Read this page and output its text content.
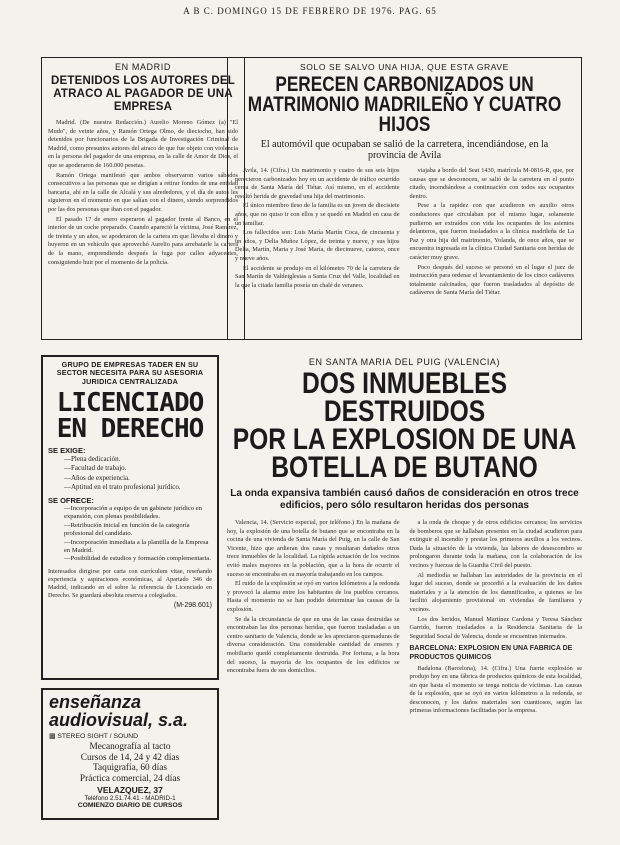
A B C. DOMINGO 15 DE FEBRERO DE 1976. PAG. 65
EN MADRID
DETENIDOS LOS AUTORES DEL ATRACO AL PAGADOR DE UNA EMPRESA

Madrid. (De nuestra Redacción.) Aurelio Moreno Gómez (a) "El Mudo", de veinte años, y Ramón Ortega Olmo, de dieciocho, han sido detenidos por funcionarios de la Brigada de Investigación Criminal de Madrid, como presuntos autores del atraco de que fue objeto con violencia en la persona del pagador de una empresa, en la calle de Amor de Dios, el que se apoderaron de 160.000 pesetas.

Ramón Ortega manifestó que ambos observaron varios sábados consecutivos a las personas que se dirigían a retirar fondos de una entidad bancaria, ahí en la calle de Alcalá y sus alrededores, y el día de autos les siguieron en el momento en que salían con el dinero, siendo sorprendidos por las dos personas que iban con el pagador.

El pasado 17 de enero esperaron al pagador frente al Banco, en el interior de un coche preparado. Cuando apareció la víctima, José Ramírez, de treinta y un años, se apoderaron de la cartera en que llevaba el dinero y huyeron en un vehículo que aprovechó Aurelio para arrebatarle la cartera de la mano, emprendiendo después la fuga por calles adyacentes, consiguiendo huir por el momento de la policía.

SOLO SE SALVO UNA HIJA, QUE ESTA GRAVE
PERECEN CARBONIZADOS UN MATRIMONIO MADRILEÑO Y CUATRO HIJOS
El automóvil que ocupaban se salió de la carretera, incendiándose, en la provincia de Avila

Avila, 14. (Cifra.) Un matrimonio y cuatro de sus seis hijos perecieron carbonizados hoy en un accidente de tráfico ocurrido cerca de Santa María del Tiétar. Así mismo, en el accidente resultó herida de gravedad una hija del matrimonio.

El único miembro ileso de la familia es un joven de diecisiete años, que no quiso ir con ellos y se quedó en Madrid en casa de un familiar.

Los fallecidos son: Luis María Martín Coca, de cincuenta y un años, y Delia Muñoz López, de treinta y nueve, y sus hijos Delia, Martín, Marta y José María, de diecinueve, catorce, once y nueve años.

El accidente se produjo en el kilómetro 70 de la carretera de San Martín de Valdeiglesias a Santa Cruz del Valle, localidad en la que la citada familia poseía un chalé de veraneo.

viajaba a bordo del Seat 1430, matrícula M-0816-R, que, por causas que se desconocen, se salió de la carretera en el punto citado, incendiándose a continuación con todos sus ocupantes dentro.

Pese a la rapidez con que acudieron en auxilio otros conductores que circulaban por el mismo lugar, solamente pudieron ser extraídos con vida los ocupantes de los asientos delanteros, que fueron trasladados a la clínica madrileña de La Paz y otra hija del matrimonio, Yolanda, de once años, que se encuentra ingresada en la clínica Ciudad Sanitaria con heridas de carácter muy grave.

Poco después del suceso se personó en el lugar el juez de instrucción para ordenar el levantamiento de los cinco cadáveres totalmente calcinados, que fueron trasladados al depósito de cadáveres de Santa María del Tiétar.

GRUPO DE EMPRESAS TADER EN SU SECTOR NECESITA PARA SU ASESORIA JURIDICA CENTRALIZADA
LICENCIADO
EN DERECHO
SE EXIGE:
— Plena dedicación.
— Facultad de trabajo.
— Años de experiencia.
— Aptitud en el trato profesional jurídico.
SE OFRECE:
— Incorporación a equipo de un gabinete jurídico en expansión, con plenas posibilidades.
— Retribución inicial en función de la categoría profesional del candidato.
— Incorporación inmediata a la plantilla de la Empresa en Madrid.
— Posibilidad de estudios y formación complementaria.
Interesados dirigirse por carta con currículum vitae, reseñando experiencia y aspiraciones económicas, al Apartado 346 de Madrid, indicando en el sobre la referencia de Licenciado en Derecho. Se guardará absoluta reserva a colegiados.
(M-298.601)
enseñanza
audiovisual, s.a.
▩ STEREO SIGHT / SOUND
Mecanografía al tacto
Cursos de 14, 24 y 42 días
Taquigrafía, 60 días
Práctica comercial, 24 días
VELAZQUEZ, 37
Teléfono 2.51.74.41 - MADRID-1
COMIENZO DIARIO DE CURSOS
EN SANTA MARIA DEL PUIG (VALENCIA)
DOS INMUEBLES DESTRUIDOS
POR LA EXPLOSION DE UNA
BOTELLA DE BUTANO
La onda expansiva también causó daños de consideración en otros trece edificios, pero sólo resultaron heridas dos personas

Valencia, 14. (Servicio especial, por teléfono.) En la mañana de hoy, la explosión de una botella de butano que se encontraba en la cocina de una vivienda de Santa María del Puig, en la calle de San Vicente, hizo que ardieran dos casas y resultaran dañados otros trece inmuebles de la localidad. La rápida actuación de los vecinos evitó males mayores en la población, que a la hora de ocurrir el suceso se encontraba en su mayoría trabajando en los campos.

El ruido de la explosión se oyó en varios kilómetros a la redonda y provocó la alarma entre los habitantes de los pueblos cercanos. Hasta el momento no se han podido determinar las causas de la explosión.

Se da la circunstancia de que en una de las casas destruidas se encontraban las dos personas heridas, que fueron trasladadas a un centro sanitario de Valencia, donde se les apreciaron quemaduras de diversa consideración. Una considerable cantidad de enseres y mobiliario quedó completamente destruida. Por fortuna, a la hora del suceso, la mayoría de los ocupantes de los edificios se encontraba fuera de sus domicilios.

a la onda de choque y de otros edificios cercanos; los servicios de bomberos que se hallaban presentes en la ciudad acudieron para extinguir el incendio y prestar los primeros auxilios a los vecinos. Dada la situación de la vivienda, las labores de desescombro se prolongaron durante toda la mañana, con la colaboración de los vecinos y fuerzas de la Guardia Civil del puesto.

Al mediodía se hallaban las autoridades de la provincia en el lugar del suceso, donde se procedió a la evaluación de los daños materiales y a la atención de los damnificados, a quienes se les facilitó alojamiento provisional en viviendas de familiares y vecinos.

Los dos heridos, Manuel Martínez Cardona y Teresa Sánchez Garrido, fueron trasladados a la Residencia Sanitaria de la Seguridad Social de Valencia, donde se encuentran internados.

BARCELONA: EXPLOSION EN UNA FABRICA DE PRODUCTOS QUIMICOS

Badalona (Barcelona), 14. (Cifra.) Una fuerte explosión se produjo hoy en una fábrica de productos químicos de esta localidad, sin que hasta el momento se tenga noticia de víctimas. Las causas de la explosión, que se oyó en varios kilómetros a la redonda, se desconocen, y los daños materiales son cuantiosos, según las primeras informaciones facilitadas por la empresa.
